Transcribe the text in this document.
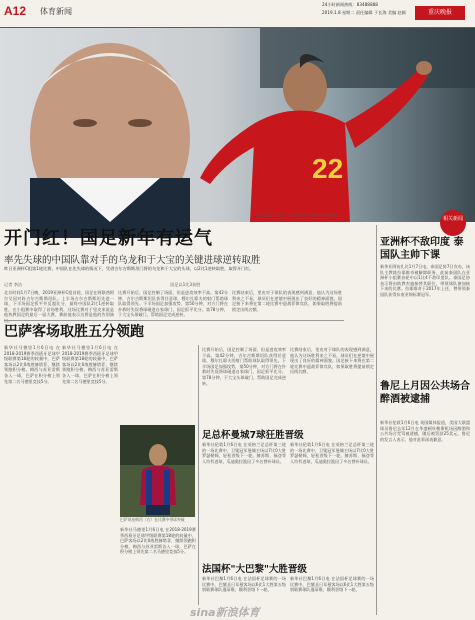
A12 体育新闻
24小时新闻热线：83488888
2019.1.8 星期二 责任编辑 于长海 美编 赵颖	重庆晚报
22
北京时间1月8日，国足队员在比赛中庆祝进球
开门红！国足新年有运气
率先失球的中国队靠对手的乌龙和于大宝的关键进球逆转取胜
昨日亚洲杯C组第1轮比赛，中国队在先失球的情况下，凭借吉尔吉斯斯坦门将的乌龙和于大宝的头球，以2比1逆转取胜，取得开门红。
记者 李洁
北京时间1月7日晚，2019亚洲杯C组首轮，国足在阿联酋阿尔艾因对阵吉尔吉斯斯坦队。上半场吉尔吉斯斯坦先进一球，下半场国足扳平并反超比分，最终中国队2比1逆转取胜，在小组赛中取得了首场胜利。这场比赛对于里皮来说是他执教国足的最后一届大赛，赛前他表示这将是他的告别演
比赛开始后，国足控制了场面，但是进攻效率不高。第42分钟，吉尔吉斯斯坦队获得任意球，穆尔扎耶夫的射门帮助球队取得领先。下半场国足加强攻势，第50分钟，对方门将在扑救时失误将球碰进自家球门，国足扳平比分。第78分钟，于大宝头球破门，帮助国足完成逆转。
比赛结束后，里皮对于球队的表现感到满意，他认为这场胜利来之不易，球员们在逆境中展现出了良好的精神面貌。国足接下来将在第二轮比赛中迎战菲律宾队，如果取胜将提前锁定出线名额。
国足以1比3获胜
相关新闻
亚洲杯不敌印度 泰国队主帅下课
新华社阿布扎比1月7日电，泰国足协7日宣布，该队主教练拉耶维奇被解除职务，此前泰国队在亚洲杯小组赛首轮中以1比4不敌印度队。泰国足协表示将由助教杰迪接替其职位，带领球队参加接下来的比赛。拉耶维奇于2017年上任，曾带领泰国队获得东南亚锦标赛冠军。
巴萨客场取胜五分领跑
新华社马德里1月6日电 在2018-2019赛季西班牙足球甲级联赛第18轮的较量中，巴萨客场以2比0战胜赫塔菲，继续领跑积分榜。梅西与苏亚雷斯各入一球，巴萨在积分榜上领先第二名马德里竞技5分。
新华社马德里1月6日电 在2018-2019赛季西班牙足球甲级联赛第18轮的较量中，巴萨客场以2比0战胜赫塔菲，继续领跑积分榜。梅西与苏亚雷斯各入一球，巴萨在积分榜上领先第二名马德里竞技5分。
巴萨球星梅西（右）在比赛中带球突破
新华社马德里1月6日电 在2018-2019赛季西班牙足球甲级联赛第18轮的较量中，巴萨客场以2比0战胜赫塔菲，继续领跑积分榜。梅西与苏亚雷斯各入一球，巴萨在积分榜上领先第二名马德里竞技5分。
足总杯曼城7球狂胜晋级
新华社伦敦1月6日电 在英格兰足总杯第三轮的一场比赛中，卫冕冠军曼城主场以7比0大胜罗瑟勒姆，轻松晋级下一轮。赫苏斯、福登等人均有进球，瓜迪奥拉派出了多名替补球员。
新华社伦敦1月6日电 在英格兰足总杯第三轮的一场比赛中，卫冕冠军曼城主场以7比0大胜罗瑟勒姆，轻松晋级下一轮。赫苏斯、福登等人均有进球，瓜迪奥拉派出了多名替补球员。
法国杯"大巴黎"大胜晋级
新华社巴黎1月6日电 在法国杯足球赛的一场比赛中，巴黎圣日耳曼客场以6比1大胜第五级别联赛球队蓬蒂维，顺利晋级下一轮。
新华社巴黎1月6日电 在法国杯足球赛的一场比赛中，巴黎圣日耳曼客场以6比1大胜第五级别联赛球队蓬蒂维，顺利晋级下一轮。
比赛开始后，国足控制了场面，但是进攻效率不高。第42分钟，吉尔吉斯斯坦队获得任意球，穆尔扎耶夫的射门帮助球队取得领先。下半场国足加强攻势，第50分钟，对方门将在扑救时失误将球碰进自家球门，国足扳平比分。第78分钟，于大宝头球破门，帮助国足完成逆转。
比赛结束后，里皮对于球队的表现感到满意，他认为这场胜利来之不易，球员们在逆境中展现出了良好的精神面貌。国足接下来将在第二轮比赛中迎战菲律宾队，如果取胜将提前锁定出线名额。
鲁尼上月因公共场合醉酒被逮捕
新华社伦敦1月6日电 英国媒体报道，美国大联盟球员鲁尼去年12月在华盛顿杜勒斯机场因醉酒和公共场合咒骂被逮捕，随后被罚款25美元。鲁尼的发言人表示，他对此事深表歉意。
sina新浪体育
